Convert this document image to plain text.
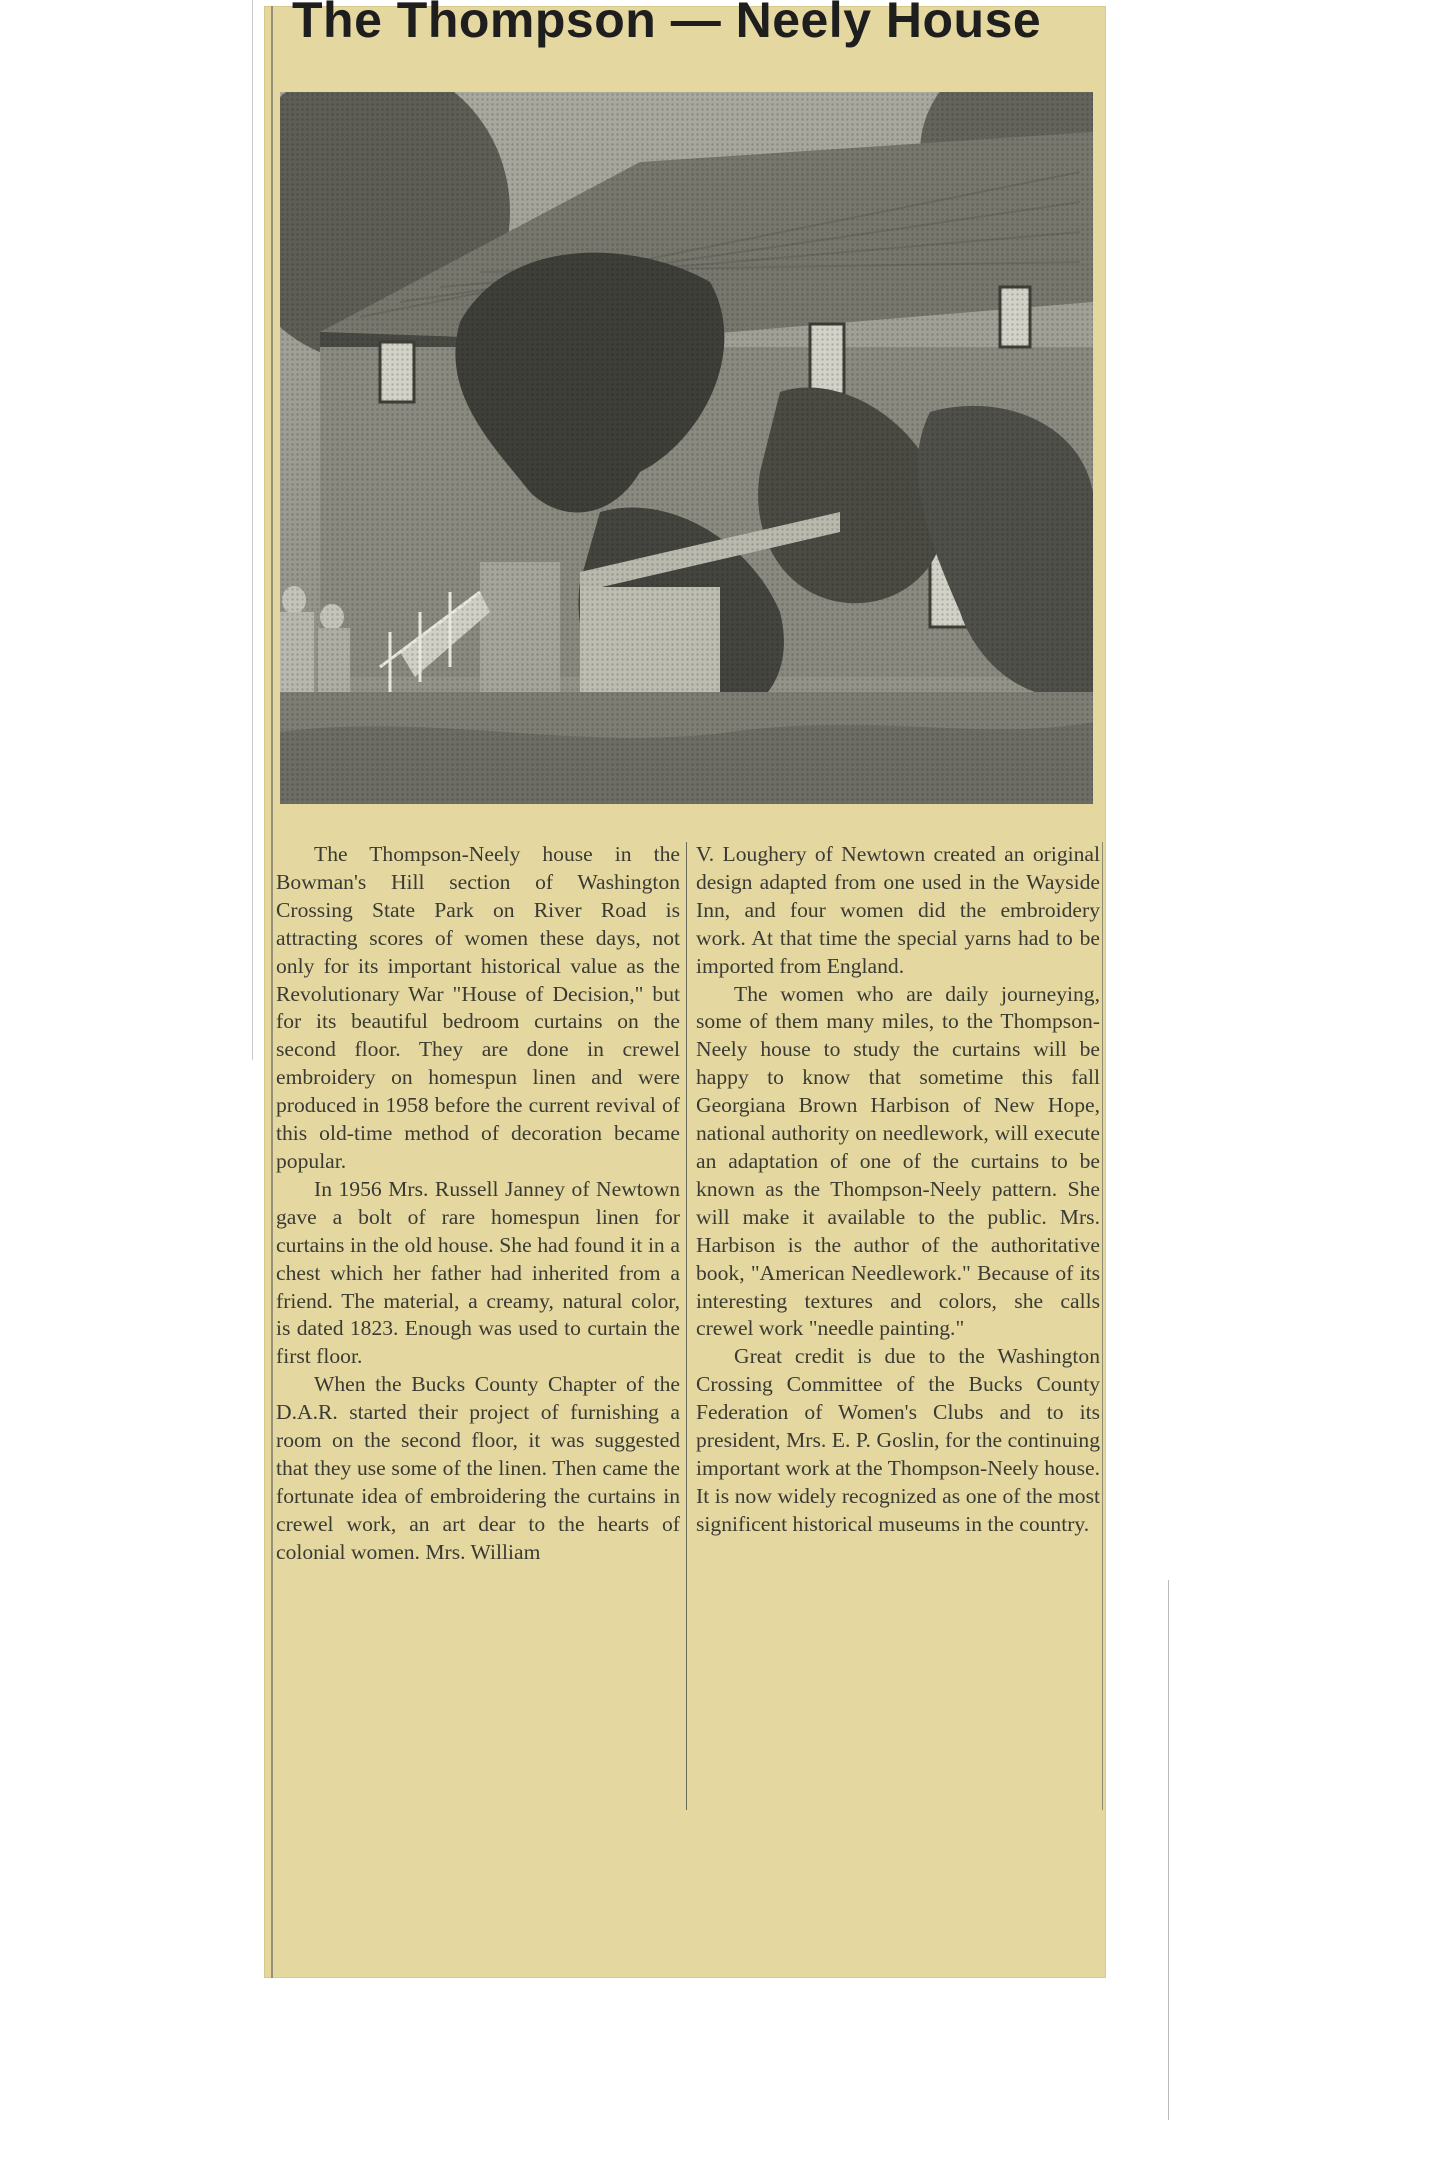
The Thompson — Neely House

The Thompson-Neely house in the Bowman's Hill section of Washington Crossing State Park on River Road is attracting scores of women these days, not only for its important historical value as the Revolutionary War "House of Decision," but for its beautiful bedroom curtains on the second floor. They are done in crewel embroidery on homespun linen and were produced in 1958 before the current revival of this old-time method of decoration became popular.

In 1956 Mrs. Russell Janney of Newtown gave a bolt of rare homespun linen for curtains in the old house. She had found it in a chest which her father had inherited from a friend. The material, a creamy, natural color, is dated 1823. Enough was used to curtain the first floor.

When the Bucks County Chapter of the D.A.R. started their project of furnishing a room on the second floor, it was suggested that they use some of the linen. Then came the fortunate idea of embroidering the curtains in crewel work, an art dear to the hearts of colonial women. Mrs. William

V. Loughery of Newtown created an original design adapted from one used in the Wayside Inn, and four women did the embroidery work. At that time the special yarns had to be imported from England.

The women who are daily journeying, some of them many miles, to the Thompson-Neely house to study the curtains will be happy to know that sometime this fall Georgiana Brown Harbison of New Hope, national authority on needlework, will execute an adaptation of one of the curtains to be known as the Thompson-Neely pattern. She will make it available to the public. Mrs. Harbison is the author of the authoritative book, "American Needlework." Because of its interesting textures and colors, she calls crewel work "needle painting."

Great credit is due to the Washington Crossing Committee of the Bucks County Federation of Women's Clubs and to its president, Mrs. E. P. Goslin, for the continuing important work at the Thompson-Neely house. It is now widely recognized as one of the most significent historical museums in the country.
